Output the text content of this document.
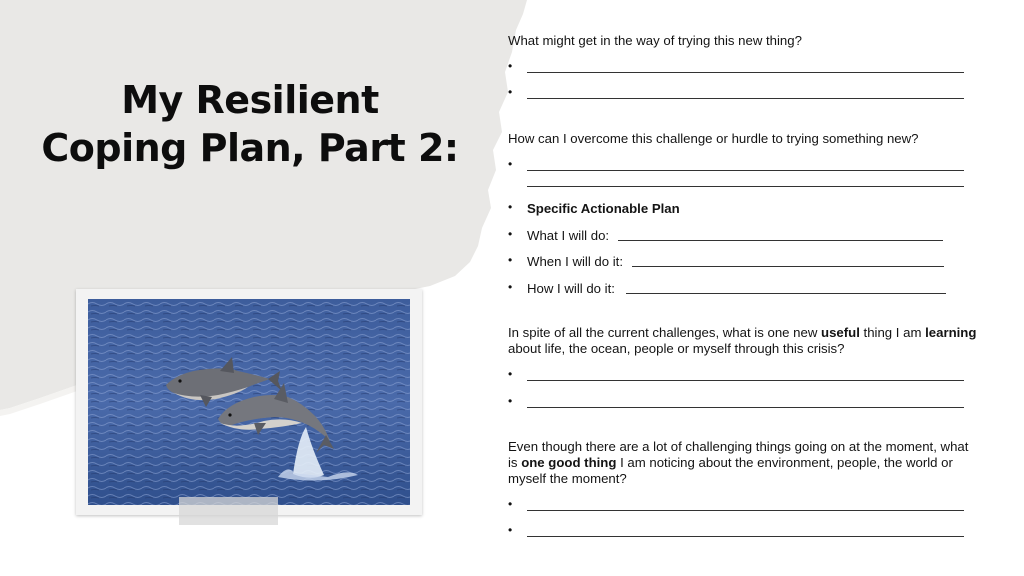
My Resilient
Coping Plan, Part 2:
What might get in the way of trying this new thing?
•
•
How can I overcome this challenge or hurdle to trying something new?
•
• Specific Actionable Plan
• What I will do:
• When I will do it:
• How I will do it:
In spite of all the current challenges, what is one new useful thing I am learning about life, the ocean, people or myself through this crisis?
•
•
Even though there are a lot of challenging things going on at the moment, what is one good thing I am noticing about the environment, people, the world or myself the moment?
•
•
